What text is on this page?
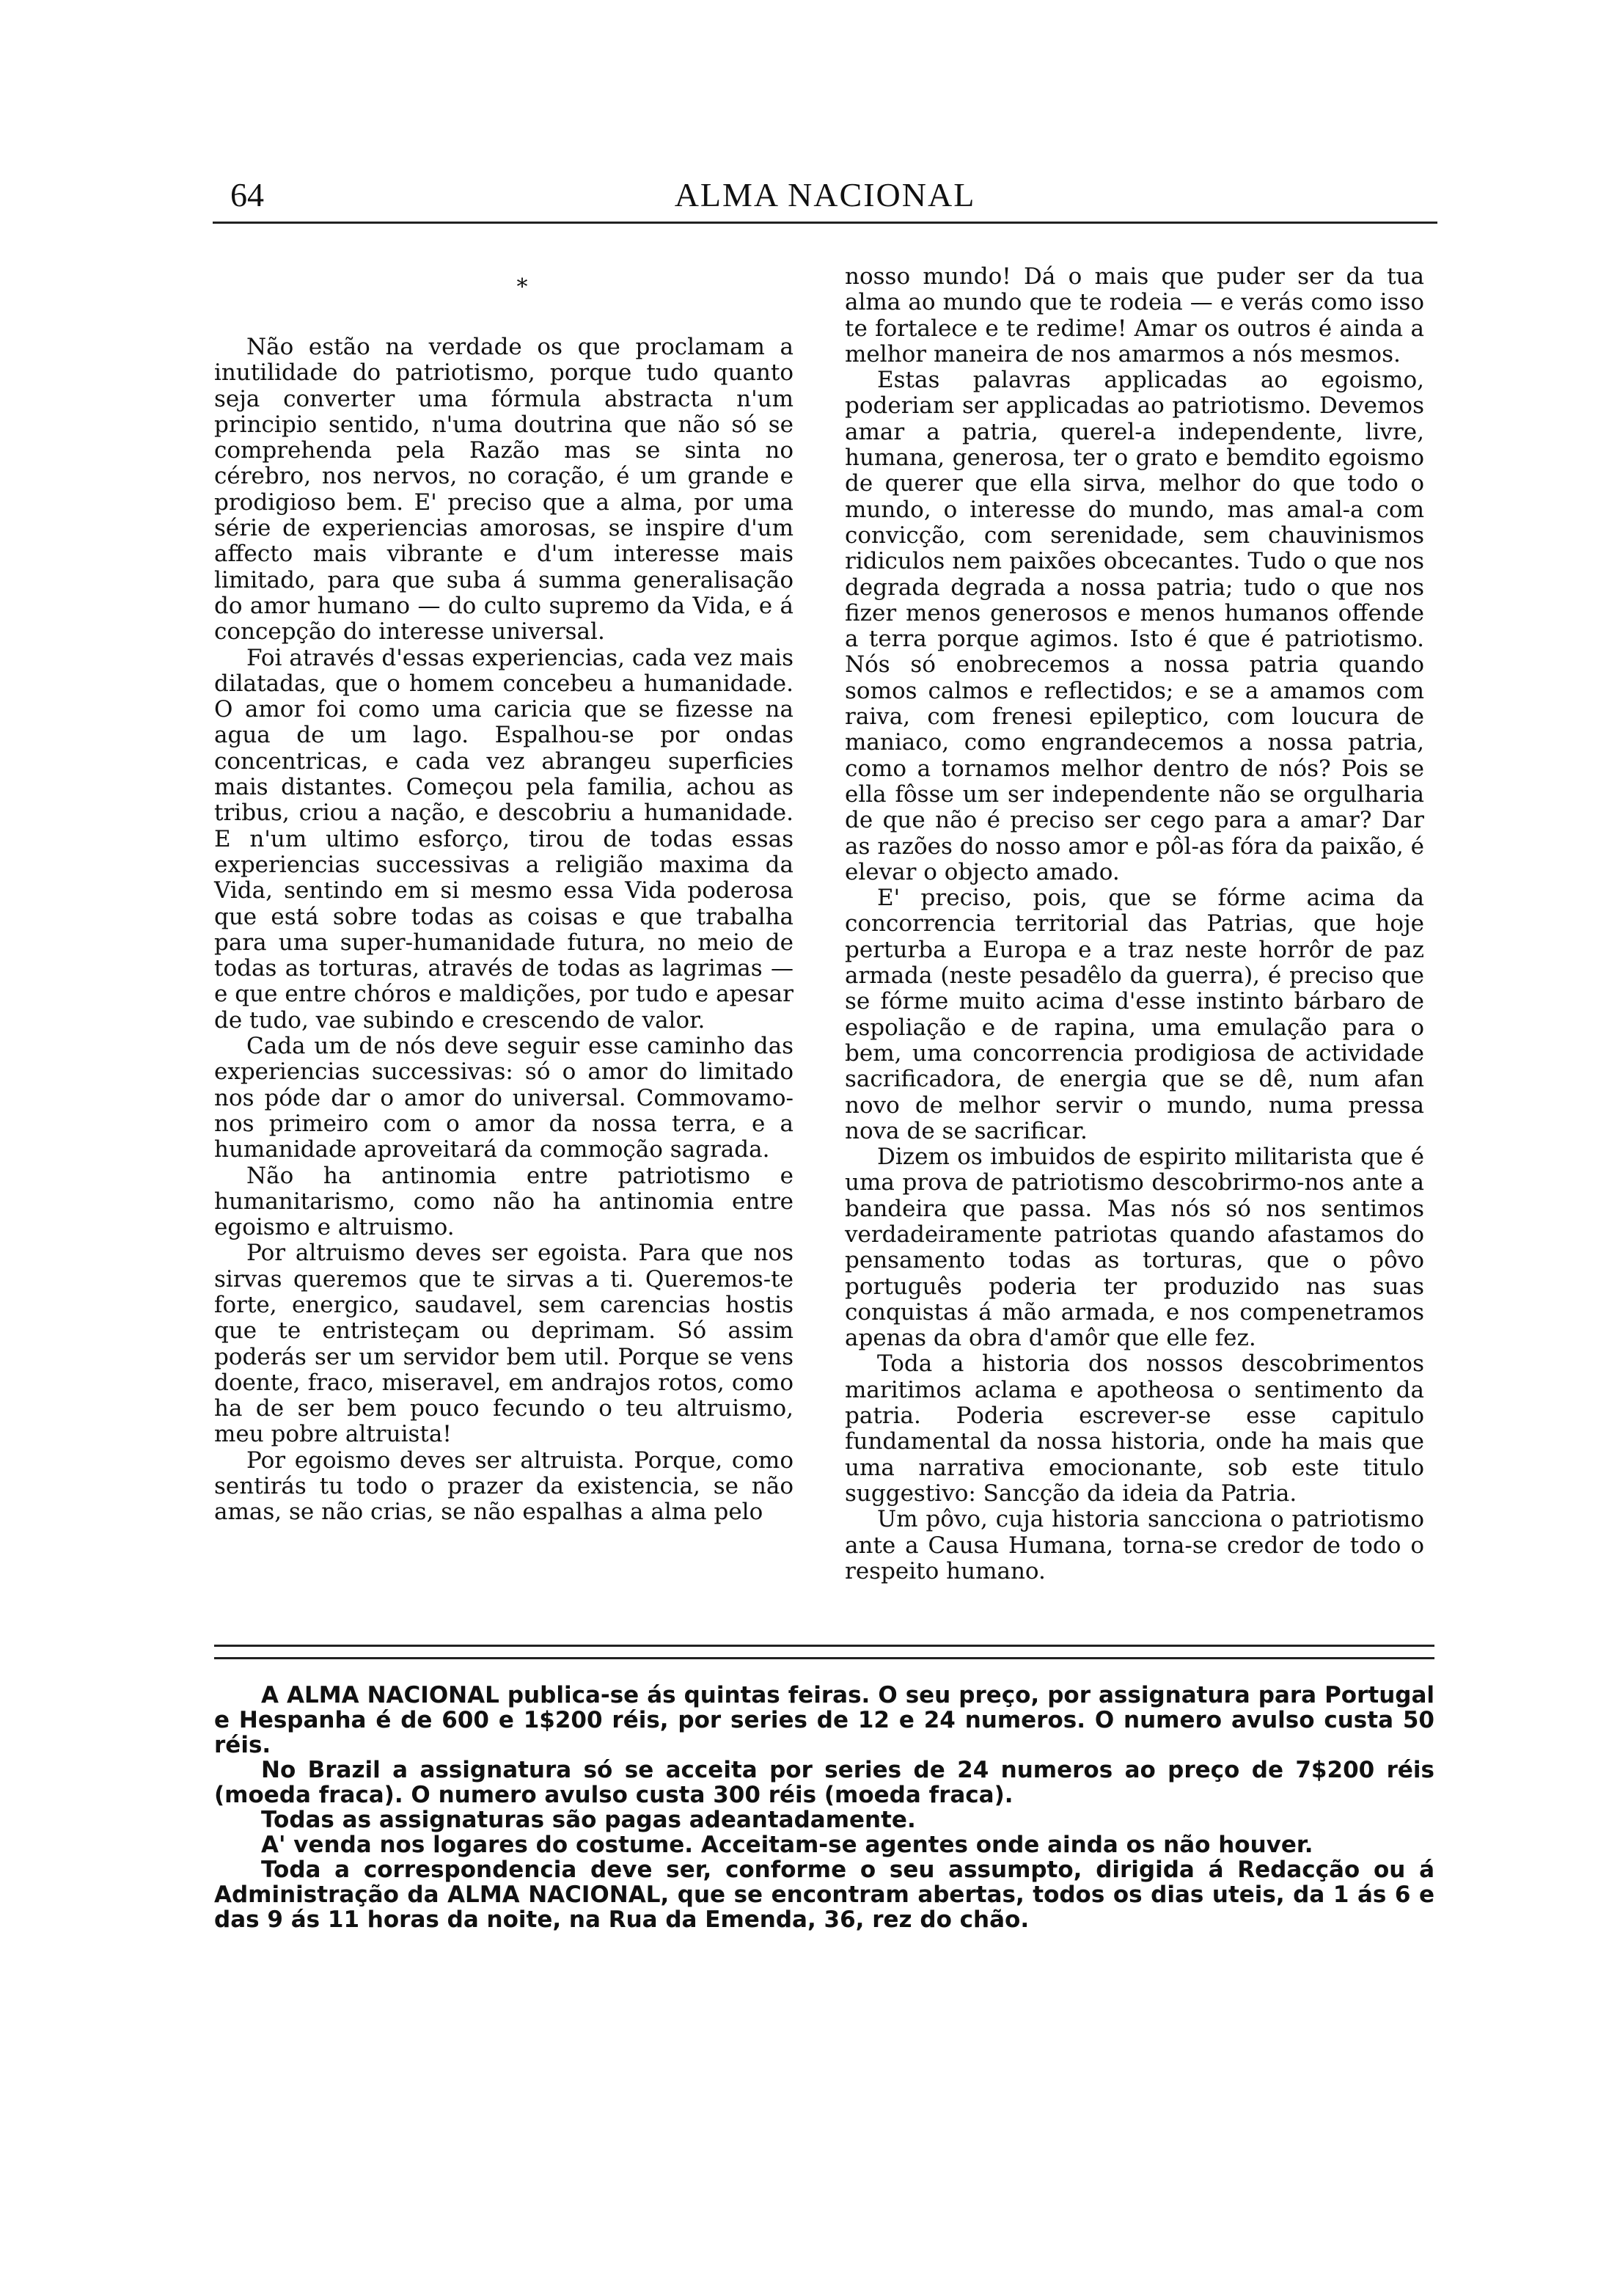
64	ALMA NACIONAL
*

Não estão na verdade os que proclamam a inutilidade do patriotismo, porque tudo quanto seja converter uma fórmula abstracta n'um principio sentido, n'uma doutrina que não só se comprehenda pela Razão mas se sinta no cérebro, nos nervos, no coração, é um grande e prodigioso bem. E' preciso que a alma, por uma série de experiencias amorosas, se inspire d'um affecto mais vibrante e d'um interesse mais limitado, para que suba á summa generalisação do amor humano — do culto supremo da Vida, e á concepção do interesse universal.

Foi através d'essas experiencias, cada vez mais dilatadas, que o homem concebeu a humanidade. O amor foi como uma caricia que se fizesse na agua de um lago. Espalhou-se por ondas concentricas, e cada vez abrangeu superficies mais distantes. Começou pela familia, achou as tribus, criou a nação, e descobriu a humanidade. E n'um ultimo esforço, tirou de todas essas experiencias successivas a religião maxima da Vida, sentindo em si mesmo essa Vida poderosa que está sobre todas as coisas e que trabalha para uma super-humanidade futura, no meio de todas as torturas, através de todas as lagrimas — e que entre chóros e maldições, por tudo e apesar de tudo, vae subindo e crescendo de valor.

Cada um de nós deve seguir esse caminho das experiencias successivas: só o amor do limitado nos póde dar o amor do universal. Commovamo-nos primeiro com o amor da nossa terra, e a humanidade aproveitará da commoção sagrada.

Não ha antinomia entre patriotismo e humanitarismo, como não ha antinomia entre egoismo e altruismo.

Por altruismo deves ser egoista. Para que nos sirvas queremos que te sirvas a ti. Queremos-te forte, energico, saudavel, sem carencias hostis que te entristeçam ou deprimam. Só assim poderás ser um servidor bem util. Porque se vens doente, fraco, miseravel, em andrajos rotos, como ha de ser bem pouco fecundo o teu altruismo, meu pobre altruista!

Por egoismo deves ser altruista. Porque, como sentirás tu todo o prazer da existencia, se não amas, se não crias, se não espalhas a alma pelo

nosso mundo! Dá o mais que puder ser da tua alma ao mundo que te rodeia — e verás como isso te fortalece e te redime! Amar os outros é ainda a melhor maneira de nos amarmos a nós mesmos.

Estas palavras applicadas ao egoismo, poderiam ser applicadas ao patriotismo. Devemos amar a patria, querel-a independente, livre, humana, generosa, ter o grato e bemdito egoismo de querer que ella sirva, melhor do que todo o mundo, o interesse do mundo, mas amal-a com convicção, com serenidade, sem chauvinismos ridiculos nem paixões obcecantes. Tudo o que nos degrada degrada a nossa patria; tudo o que nos fizer menos generosos e menos humanos offende a terra porque agimos. Isto é que é patriotismo. Nós só enobrecemos a nossa patria quando somos calmos e reflectidos; e se a amamos com raiva, com frenesi epileptico, com loucura de maniaco, como engrandecemos a nossa patria, como a tornamos melhor dentro de nós? Pois se ella fôsse um ser independente não se orgulharia de que não é preciso ser cego para a amar? Dar as razões do nosso amor e pôl-as fóra da paixão, é elevar o objecto amado.

E' preciso, pois, que se fórme acima da concorrencia territorial das Patrias, que hoje perturba a Europa e a traz neste horrôr de paz armada (neste pesadêlo da guerra), é preciso que se fórme muito acima d'esse instinto bárbaro de espoliação e de rapina, uma emulação para o bem, uma concorrencia prodigiosa de actividade sacrificadora, de energia que se dê, num afan novo de melhor servir o mundo, numa pressa nova de se sacrificar.

Dizem os imbuidos de espirito militarista que é uma prova de patriotismo descobrirmo-nos ante a bandeira que passa. Mas nós só nos sentimos verdadeiramente patriotas quando afastamos do pensamento todas as torturas, que o pôvo português poderia ter produzido nas suas conquistas á mão armada, e nos compenetramos apenas da obra d'amôr que elle fez.

Toda a historia dos nossos descobrimentos maritimos aclama e apotheosa o sentimento da patria. Poderia escrever-se esse capitulo fundamental da nossa historia, onde ha mais que uma narrativa emocionante, sob este titulo suggestivo: Sancção da ideia da Patria.

Um pôvo, cuja historia sancciona o patriotismo ante a Causa Humana, torna-se credor de todo o respeito humano.

A ALMA NACIONAL publica-se ás quintas feiras. O seu preço, por assignatura para Portugal e Hespanha é de 600 e 1$200 réis, por series de 12 e 24 numeros. O numero avulso custa 50 réis.

No Brazil a assignatura só se acceita por series de 24 numeros ao preço de 7$200 réis (moeda fraca). O numero avulso custa 300 réis (moeda fraca).

Todas as assignaturas são pagas adeantadamente.

A' venda nos logares do costume. Acceitam-se agentes onde ainda os não houver.

Toda a correspondencia deve ser, conforme o seu assumpto, dirigida á Redacção ou á Administração da ALMA NACIONAL, que se encontram abertas, todos os dias uteis, da 1 ás 6 e das 9 ás 11 horas da noite, na Rua da Emenda, 36, rez do chão.
